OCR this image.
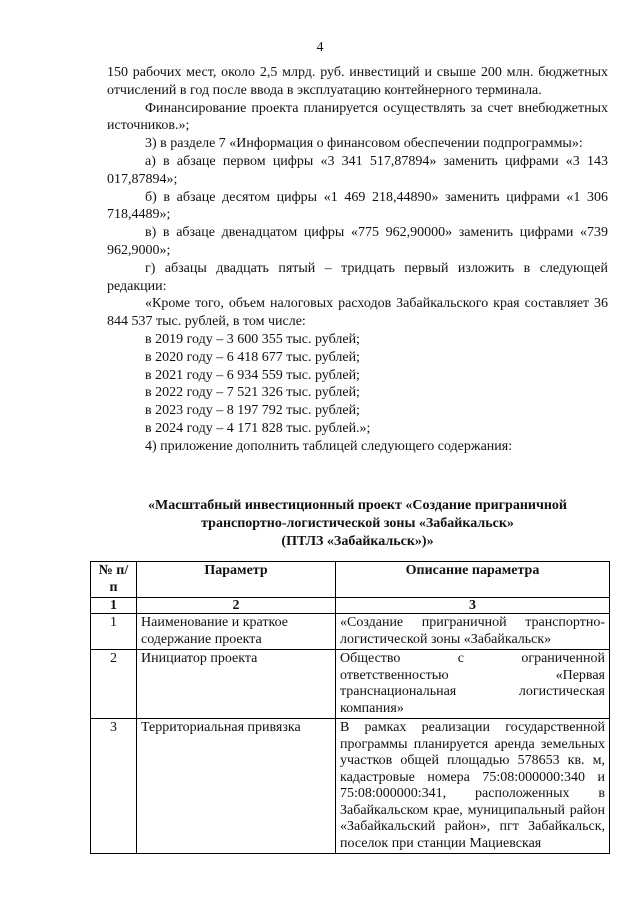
4

150 рабочих мест, около 2,5 млрд. руб. инвестиций и свыше 200 млн. бюджетных отчислений в год после ввода в эксплуатацию контейнерного терминала.

Финансирование проекта планируется осуществлять за счет внебюджетных источников.»;

3) в разделе 7 «Информация о финансовом обеспечении подпрограммы»:

а) в абзаце первом цифры «3 341 517,87894» заменить цифрами «3 143 017,87894»;

б) в абзаце десятом цифры «1 469 218,44890» заменить цифрами «1 306 718,4489»;

в) в абзаце двенадцатом цифры «775 962,90000» заменить цифрами «739 962,9000»;

г) абзацы двадцать пятый – тридцать первый изложить в следующей редакции:

«Кроме того, объем налоговых расходов Забайкальского края составляет 36 844 537 тыс. рублей, в том числе:

в 2019 году – 3 600 355 тыс. рублей;

в 2020 году – 6 418 677 тыс. рублей;

в 2021 году – 6 934 559 тыс. рублей;

в 2022 году – 7 521 326 тыс. рублей;

в 2023 году – 8 197 792 тыс. рублей;

в 2024 году – 4 171 828 тыс. рублей.»;

4) приложение дополнить таблицей следующего содержания:

«Масштабный инвестиционный проект «Создание приграничной
транспортно-логистической зоны «Забайкальск»
(ПТЛЗ «Забайкальск»)»
№ п/п	Параметр	Описание параметра
1	2	3
1	Наименование и краткое содержание проекта	«Создание приграничной транспортно-логистической зоны «Забайкальск»
2	Инициатор проекта	Общество с ограниченной ответственностью «Первая транснациональная логистическая компания»
3	Территориальная привязка	В рамках реализации государственной программы планируется аренда земельных участков общей площадью 578653 кв. м, кадастровые номера 75:08:000000:340 и 75:08:000000:341, расположенных в Забайкальском крае, муниципальный район «Забайкальский район», пгт Забайкальск, поселок при станции Мациевская
